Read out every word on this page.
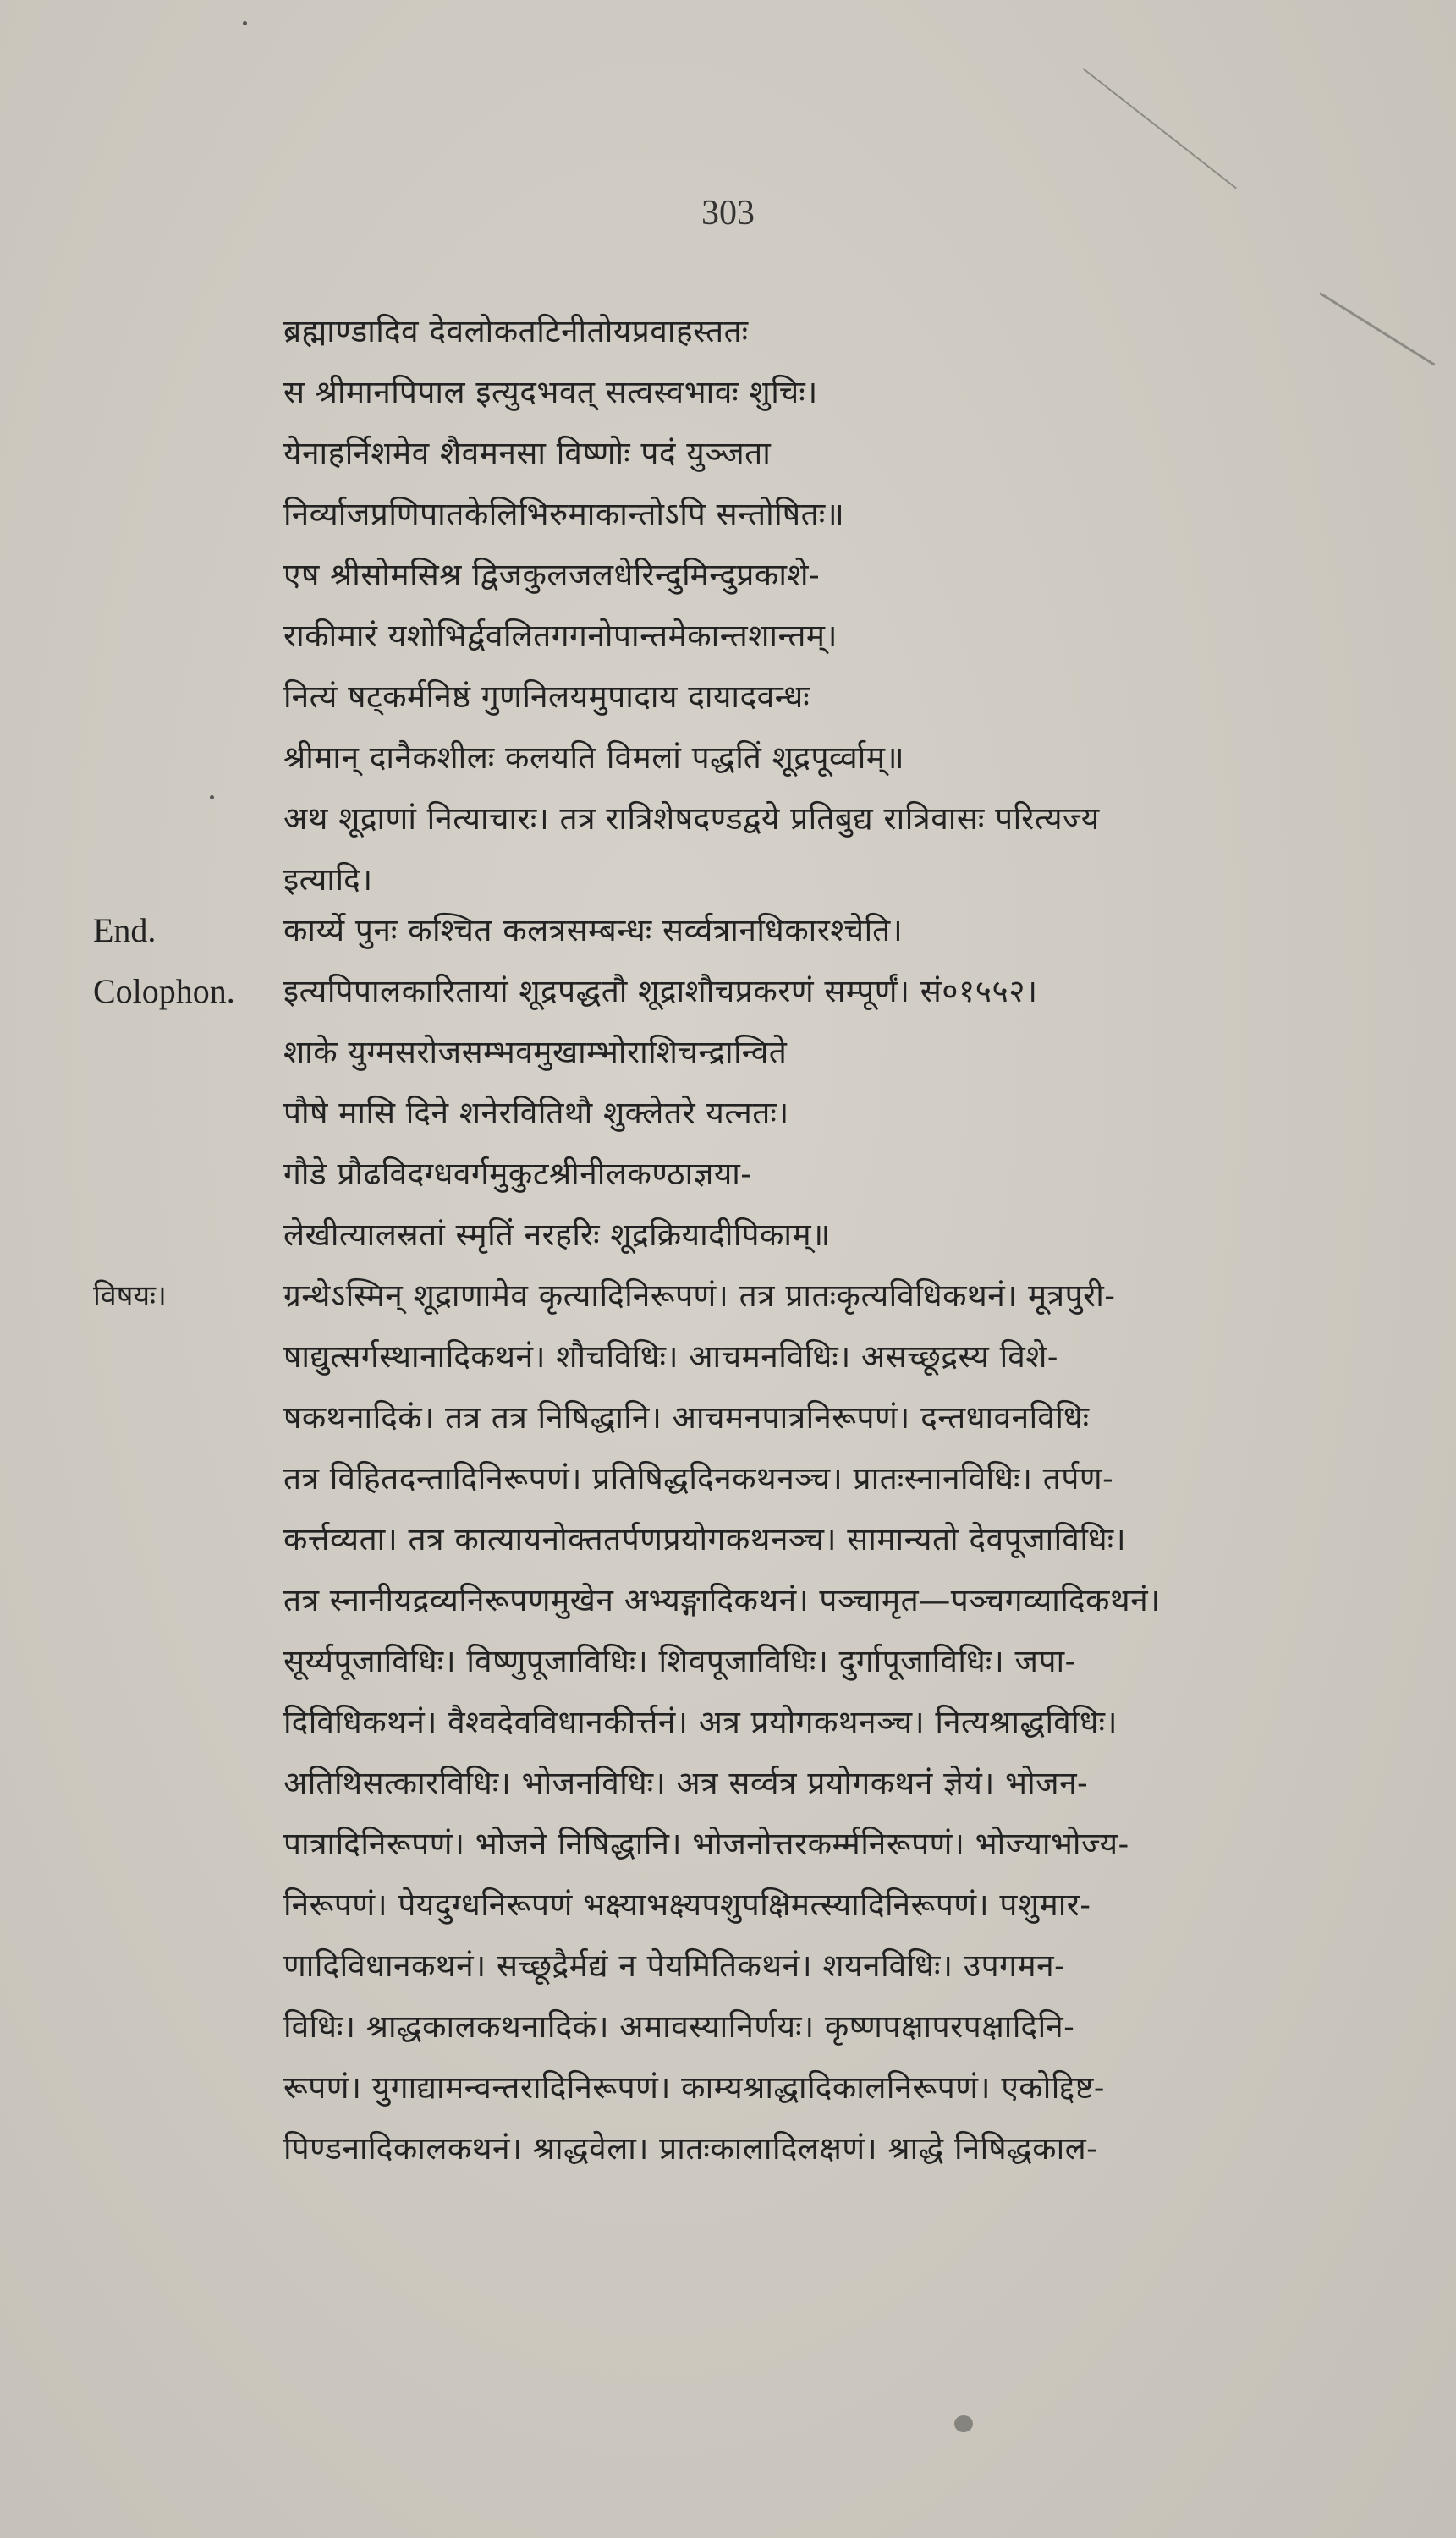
303
ब्रह्माण्डादिव देवलोकतटिनीतोयप्रवाहस्ततः
स श्रीमानपिपाल इत्युदभवत् सत्वस्वभावः शुचिः।
येनाहर्निशमेव शैवमनसा विष्णोः पदं युञ्जता
निर्व्याजप्रणिपातकेलिभिरुमाकान्तोऽपि सन्तोषितः॥
एष श्रीसोमसिश्र द्विजकुलजलधेरिन्दुमिन्दुप्रकाशे-
राकीमारं यशोभिर्द्ववलितगगनोपान्तमेकान्तशान्तम्।
नित्यं षट्कर्मनिष्ठं गुणनिलयमुपादाय दायादवन्धः
श्रीमान् दानैकशीलः कलयति विमलां पद्धतिं शूद्रपूर्व्वाम्॥
अथ शूद्राणां नित्याचारः। तत्र रात्रिशेषदण्डद्वये प्रतिबुद्य रात्रिवासः परित्यज्य
इत्यादि।
End.	कार्य्ये पुनः कश्चित कलत्रसम्बन्धः सर्व्वत्रानधिकारश्चेति।
Colophon. इत्यपिपालकारितायां शूद्रपद्धतौ शूद्राशौचप्रकरणं सम्पूर्णं। सं०१५५२।
शाके युग्मसरोजसम्भवमुखाम्भोराशिचन्द्रान्विते
पौषे मासि दिने शनेरवितिथौ शुक्लेतरे यत्नतः।
गौडे प्रौढविदग्धवर्गमुकुटश्रीनीलकण्ठाज्ञया-
लेखीत्यालस्रतां स्मृतिं नरहरिः शूद्रक्रियादीपिकाम्॥
विषयः।	ग्रन्थेऽस्मिन् शूद्राणामेव कृत्यादिनिरूपणं। तत्र प्रातःकृत्यविधिकथनं। मूत्रपुरी-
षाद्युत्सर्गस्थानादिकथनं। शौचविधिः। आचमनविधिः। असच्छूद्रस्य विशे-
षकथनादिकं। तत्र तत्र निषिद्धानि। आचमनपात्रनिरूपणं। दन्तधावनविधिः
तत्र विहितदन्तादिनिरूपणं। प्रतिषिद्धदिनकथनञ्च। प्रातःस्नानविधिः। तर्पण-
कर्त्तव्यता। तत्र कात्यायनोक्ततर्पणप्रयोगकथनञ्च। सामान्यतो देवपूजाविधिः।
तत्र स्नानीयद्रव्यनिरूपणमुखेन अभ्यङ्गादिकथनं। पञ्चामृत—पञ्चगव्यादिकथनं।
सूर्य्यपूजाविधिः। विष्णुपूजाविधिः। शिवपूजाविधिः। दुर्गापूजाविधिः। जपा-
दिविधिकथनं। वैश्वदेवविधानकीर्त्तनं। अत्र प्रयोगकथनञ्च। नित्यश्राद्धविधिः।
अतिथिसत्कारविधिः। भोजनविधिः। अत्र सर्व्वत्र प्रयोगकथनं ज्ञेयं। भोजन-
पात्रादिनिरूपणं। भोजने निषिद्धानि। भोजनोत्तरकर्म्मनिरूपणं। भोज्याभोज्य-
निरूपणं। पेयदुग्धनिरूपणं भक्ष्याभक्ष्यपशुपक्षिमत्स्यादिनिरूपणं। पशुमार-
णादिविधानकथनं। सच्छूद्रैर्मद्यं न पेयमितिकथनं। शयनविधिः। उपगमन-
विधिः। श्राद्धकालकथनादिकं। अमावस्यानिर्णयः। कृष्णपक्षापरपक्षादिनि-
रूपणं। युगाद्यामन्वन्तरादिनिरूपणं। काम्यश्राद्धादिकालनिरूपणं। एकोद्दिष्ट-
पिण्डनादिकालकथनं। श्राद्धवेला। प्रातःकालादिलक्षणं। श्राद्धे निषिद्धकाल-
